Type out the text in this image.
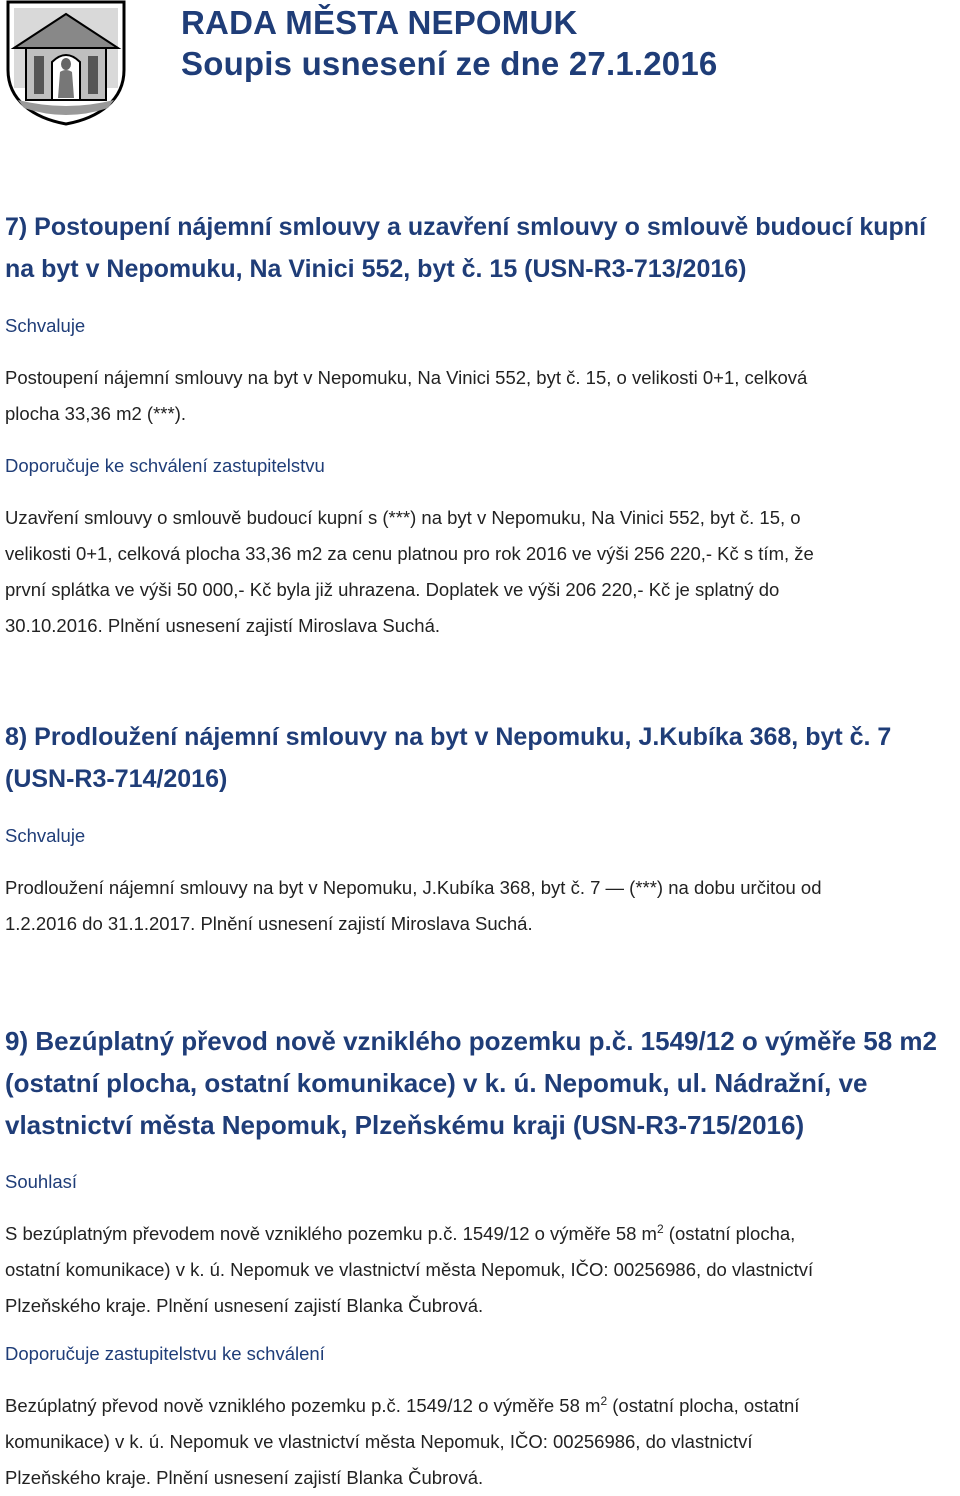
RADA MĚSTA NEPOMUK
Soupis usnesení ze dne 27.1.2016
7) Postoupení nájemní smlouvy a uzavření smlouvy o smlouvě budoucí kupní
na byt v Nepomuku, Na Vinici 552, byt č. 15 (USN-R3-713/2016)
Schvaluje
Postoupení nájemní smlouvy na byt v Nepomuku, Na Vinici 552, byt č. 15, o velikosti 0+1, celková
plocha 33,36 m2 (***).
Doporučuje ke schválení zastupitelstvu
Uzavření smlouvy o smlouvě budoucí kupní s (***) na byt v Nepomuku, Na Vinici 552, byt č. 15, o
velikosti 0+1, celková plocha 33,36 m2 za cenu platnou pro rok 2016 ve výši 256 220,- Kč s tím, že
první splátka ve výši 50 000,- Kč byla již uhrazena. Doplatek ve výši 206 220,- Kč je splatný do
30.10.2016. Plnění usnesení zajistí Miroslava Suchá.
8) Prodloužení nájemní smlouvy na byt v Nepomuku, J.Kubíka 368, byt č. 7
(USN-R3-714/2016)
Schvaluje
Prodloužení nájemní smlouvy na byt v Nepomuku, J.Kubíka 368, byt č. 7 — (***) na dobu určitou od
1.2.2016 do 31.1.2017. Plnění usnesení zajistí Miroslava Suchá.
9) Bezúplatný převod nově vzniklého pozemku p.č. 1549/12 o výměře 58 m2
(ostatní plocha, ostatní komunikace) v k. ú. Nepomuk, ul. Nádražní, ve
vlastnictví města Nepomuk, Plzeňskému kraji (USN-R3-715/2016)
Souhlasí
S bezúplatným převodem nově vzniklého pozemku p.č. 1549/12 o výměře 58 $m^2$ (ostatní plocha,
ostatní komunikace) v k. ú. Nepomuk ve vlastnictví města Nepomuk, IČO: 00256986, do vlastnictví
Plzeňského kraje. Plnění usnesení zajistí Blanka Čubrová.
Doporučuje zastupitelstvu ke schválení
Bezúplatný převod nově vzniklého pozemku p.č. 1549/12 o výměře 58 $m^2$ (ostatní plocha, ostatní
komunikace) v k. ú. Nepomuk ve vlastnictví města Nepomuk, IČO: 00256986, do vlastnictví
Plzeňského kraje. Plnění usnesení zajistí Blanka Čubrová.
